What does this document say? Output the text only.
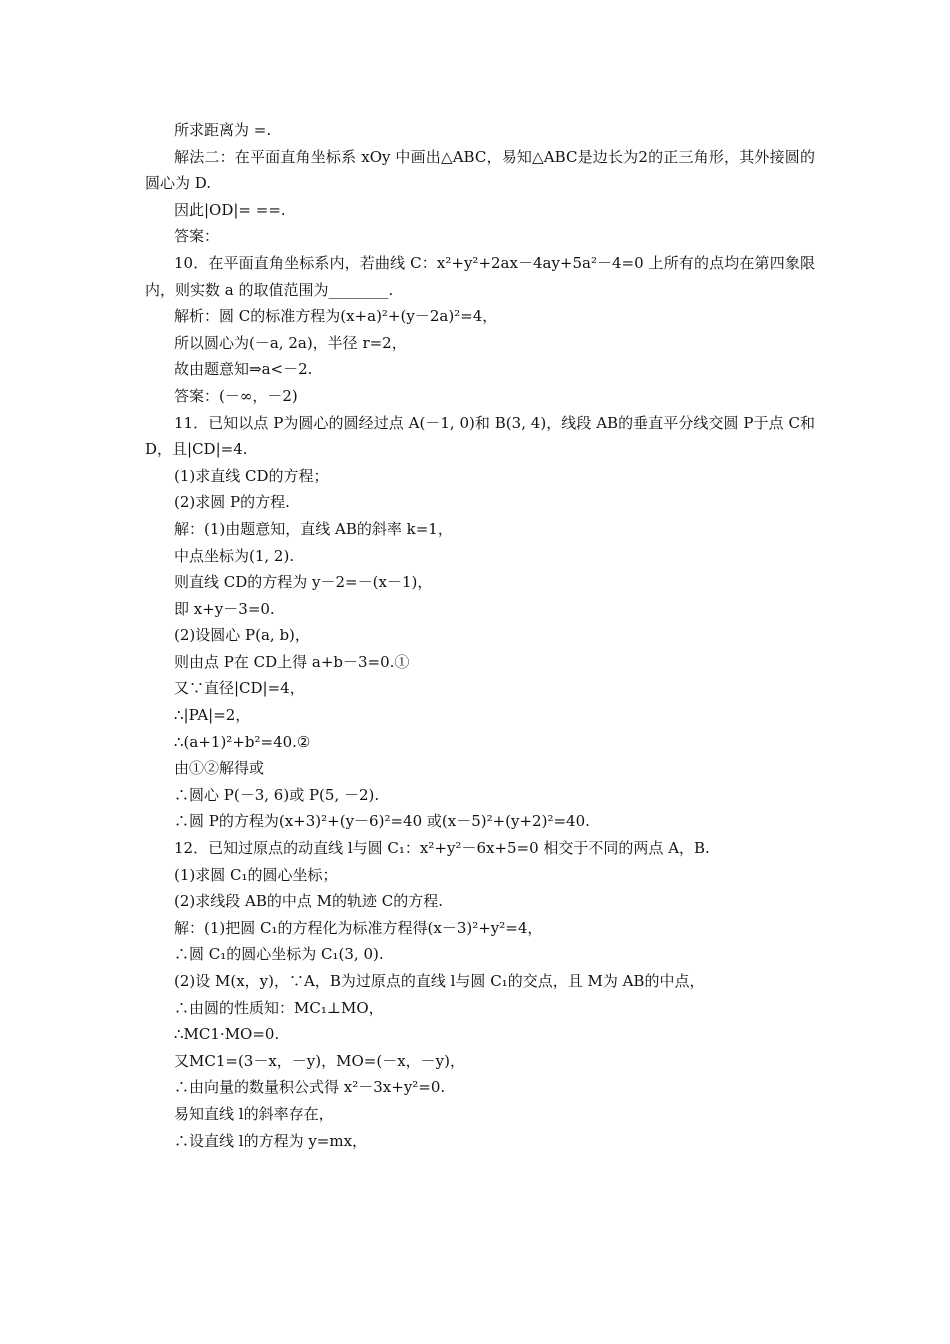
所求距离为 =.
解法二：在平面直角坐标系 xOy 中画出△ABC，易知△ABC是边长为2的正三角形，其外接圆的圆心为 D.
因此|OD|= ==.
答案：
10．在平面直角坐标系内，若曲线 C：x²+y²+2ax－4ay+5a²－4=0 上所有的点均在第四象限内，则实数 a 的取值范围为________.
解析：圆 C的标准方程为(x+a)²+(y－2a)²=4，
所以圆心为(－a, 2a)，半径 r=2，
故由题意知⇒a<－2.
答案：(－∞，－2)
11．已知以点 P为圆心的圆经过点 A(－1, 0)和 B(3, 4)，线段 AB的垂直平分线交圆 P于点 C和 D，且|CD|=4.
(1)求直线 CD的方程；
(2)求圆 P的方程.
解：(1)由题意知，直线 AB的斜率 k=1，
中点坐标为(1, 2).
则直线 CD的方程为 y－2=－(x－1)，
即 x+y－3=0.
(2)设圆心 P(a, b)，
则由点 P在 CD上得 a+b－3=0.①
又∵直径|CD|=4，
∴|PA|=2，
∴(a+1)²+b²=40.②
由①②解得或
∴圆心 P(－3, 6)或 P(5, －2).
∴圆 P的方程为(x+3)²+(y－6)²=40 或(x－5)²+(y+2)²=40.
12．已知过原点的动直线 l与圆 C₁：x²+y²－6x+5=0 相交于不同的两点 A，B.
(1)求圆 C₁的圆心坐标；
(2)求线段 AB的中点 M的轨迹 C的方程.
解：(1)把圆 C₁的方程化为标准方程得(x－3)²+y²=4，
∴圆 C₁的圆心坐标为 C₁(3, 0).
(2)设 M(x，y)，∵A，B为过原点的直线 l与圆 C₁的交点，且 M为 AB的中点，
∴由圆的性质知：MC₁⊥MO，
∴MC1·MO=0.
又MC1=(3－x，－y)，MO=(－x，－y)，
∴由向量的数量积公式得 x²－3x+y²=0.
易知直线 l的斜率存在，
∴设直线 l的方程为 y=mx，
